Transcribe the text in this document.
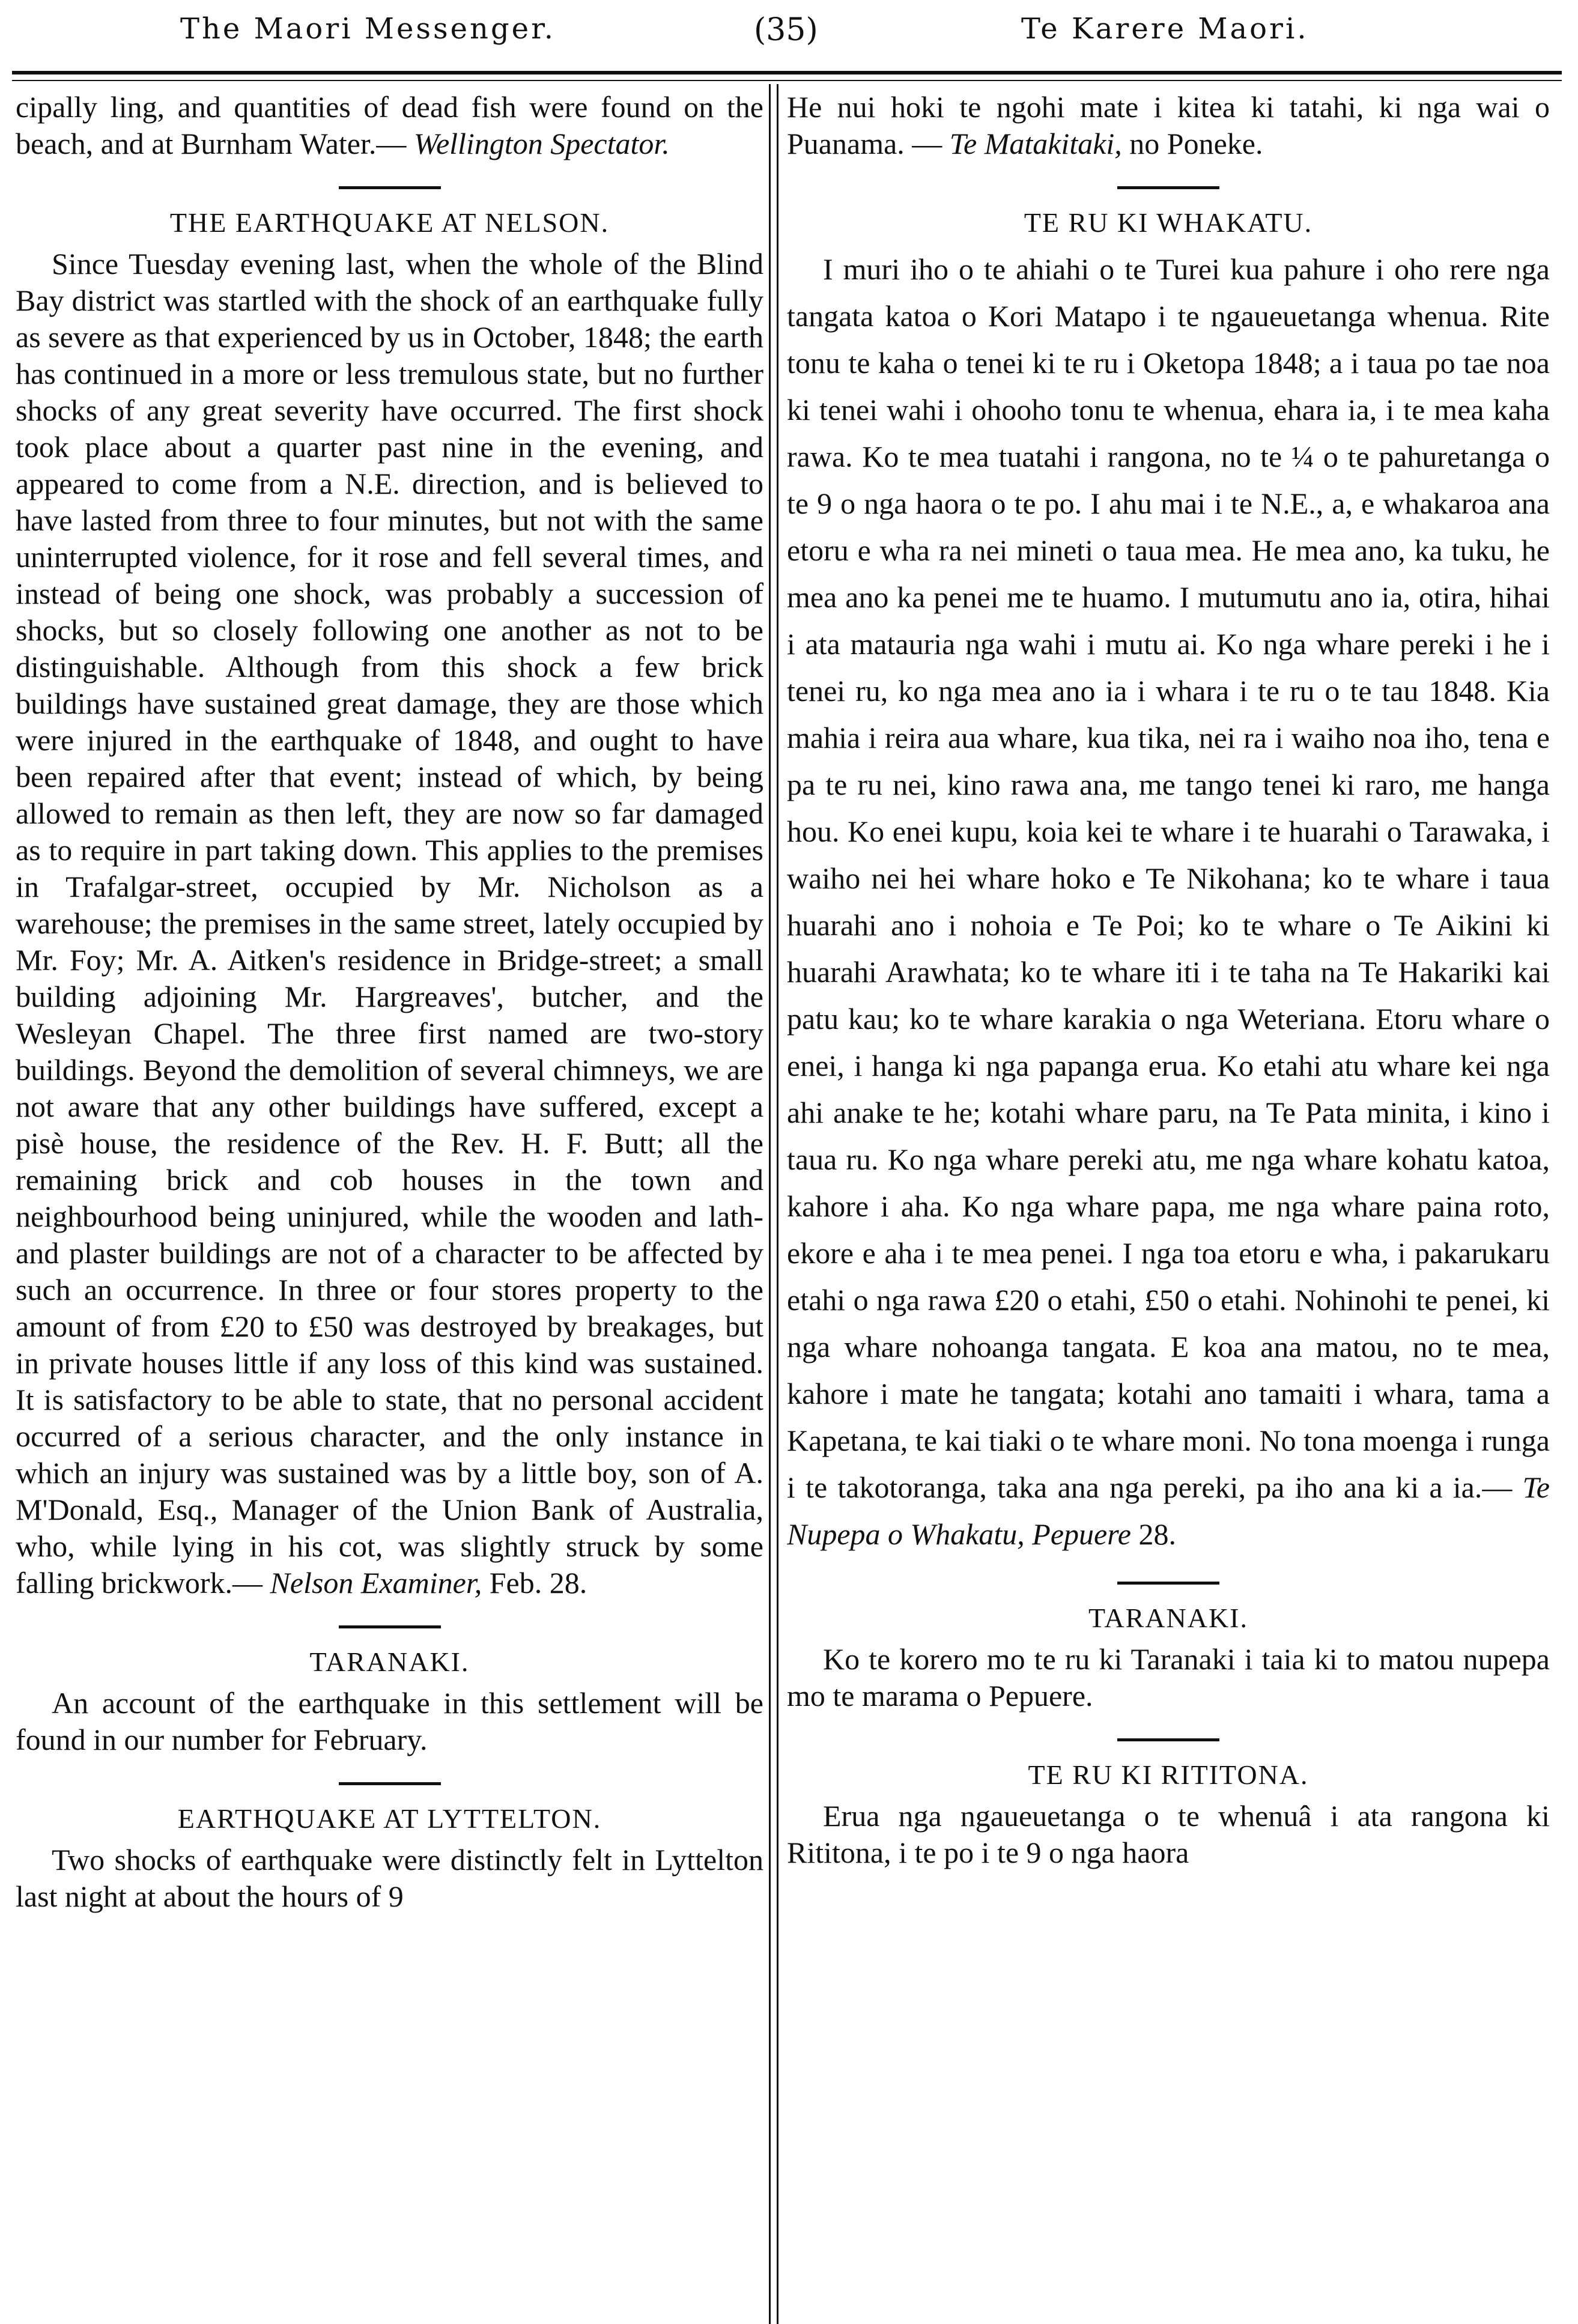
The Maori Messenger.	(35)	Te Karere Maori.

cipally ling, and quantities of dead fish were found on the beach, and at Burnham Water.— Wellington Spectator.

THE EARTHQUAKE AT NELSON.

Since Tuesday evening last, when the whole of the Blind Bay district was startled with the shock of an earthquake fully as severe as that experienced by us in October, 1848; the earth has continued in a more or less tremulous state, but no further shocks of any great severity have occurred. The first shock took place about a quarter past nine in the evening, and appeared to come from a N.E. direction, and is believed to have lasted from three to four minutes, but not with the same uninterrupted violence, for it rose and fell several times, and instead of being one shock, was probably a succession of shocks, but so closely following one another as not to be distinguishable. Although from this shock a few brick buildings have sustained great damage, they are those which were injured in the earthquake of 1848, and ought to have been repaired after that event; instead of which, by being allowed to remain as then left, they are now so far damaged as to require in part taking down. This applies to the premises in Trafalgar-street, occupied by Mr. Nicholson as a warehouse; the premises in the same street, lately occupied by Mr. Foy; Mr. A. Aitken's residence in Bridge-street; a small building adjoining Mr. Hargreaves', butcher, and the Wesleyan Chapel. The three first named are two-story buildings. Beyond the demolition of several chimneys, we are not aware that any other buildings have suffered, except a pisè house, the residence of the Rev. H. F. Butt; all the remaining brick and cob houses in the town and neighbourhood being uninjured, while the wooden and lath-and plaster buildings are not of a character to be affected by such an occurrence. In three or four stores property to the amount of from £20 to £50 was destroyed by breakages, but in private houses little if any loss of this kind was sustained. It is satisfactory to be able to state, that no personal accident occurred of a serious character, and the only instance in which an injury was sustained was by a little boy, son of A. M'Donald, Esq., Manager of the Union Bank of Australia, who, while lying in his cot, was slightly struck by some falling brickwork.— Nelson Examiner, Feb. 28.

TARANAKI.

An account of the earthquake in this settlement will be found in our number for February.

EARTHQUAKE AT LYTTELTON.

Two shocks of earthquake were distinctly felt in Lyttelton last night at about the hours of 9

He nui hoki te ngohi mate i kitea ki tatahi, ki nga wai o Puanama. — Te Matakitaki, no Poneke.

TE RU KI WHAKATU.

I muri iho o te ahiahi o te Turei kua pahure i oho rere nga tangata katoa o Kori Matapo i te ngaueuetanga whenua. Rite tonu te kaha o tenei ki te ru i Oketopa 1848; a i taua po tae noa ki tenei wahi i ohooho tonu te whenua, ehara ia, i te mea kaha rawa. Ko te mea tuatahi i rangona, no te ¼ o te pahuretanga o te 9 o nga haora o te po. I ahu mai i te N.E., a, e whakaroa ana etoru e wha ra nei mineti o taua mea. He mea ano, ka tuku, he mea ano ka penei me te huamo. I mutumutu ano ia, otira, hihai i ata matauria nga wahi i mutu ai. Ko nga whare pereki i he i tenei ru, ko nga mea ano ia i whara i te ru o te tau 1848. Kia mahia i reira aua whare, kua tika, nei ra i waiho noa iho, tena e pa te ru nei, kino rawa ana, me tango tenei ki raro, me hanga hou. Ko enei kupu, koia kei te whare i te huarahi o Tarawaka, i waiho nei hei whare hoko e Te Nikohana; ko te whare i taua huarahi ano i nohoia e Te Poi; ko te whare o Te Aikini ki huarahi Arawhata; ko te whare iti i te taha na Te Hakariki kai patu kau; ko te whare karakia o nga Weteriana. Etoru whare o enei, i hanga ki nga papanga erua. Ko etahi atu whare kei nga ahi anake te he; kotahi whare paru, na Te Pata minita, i kino i taua ru. Ko nga whare pereki atu, me nga whare kohatu katoa, kahore i aha. Ko nga whare papa, me nga whare paina roto, ekore e aha i te mea penei. I nga toa etoru e wha, i pakarukaru etahi o nga rawa £20 o etahi, £50 o etahi. Nohinohi te penei, ki nga whare nohoanga tangata. E koa ana matou, no te mea, kahore i mate he tangata; kotahi ano tamaiti i whara, tama a Kapetana, te kai tiaki o te whare moni. No tona moenga i runga i te takotoranga, taka ana nga pereki, pa iho ana ki a ia.— Te Nupepa o Whakatu, Pepuere 28.

TARANAKI.

Ko te korero mo te ru ki Taranaki i taia ki to matou nupepa mo te marama o Pepuere.

TE RU KI RITITONA.

Erua nga ngaueuetanga o te whenuâ i ata rangona ki Rititona, i te po i te 9 o nga haora
